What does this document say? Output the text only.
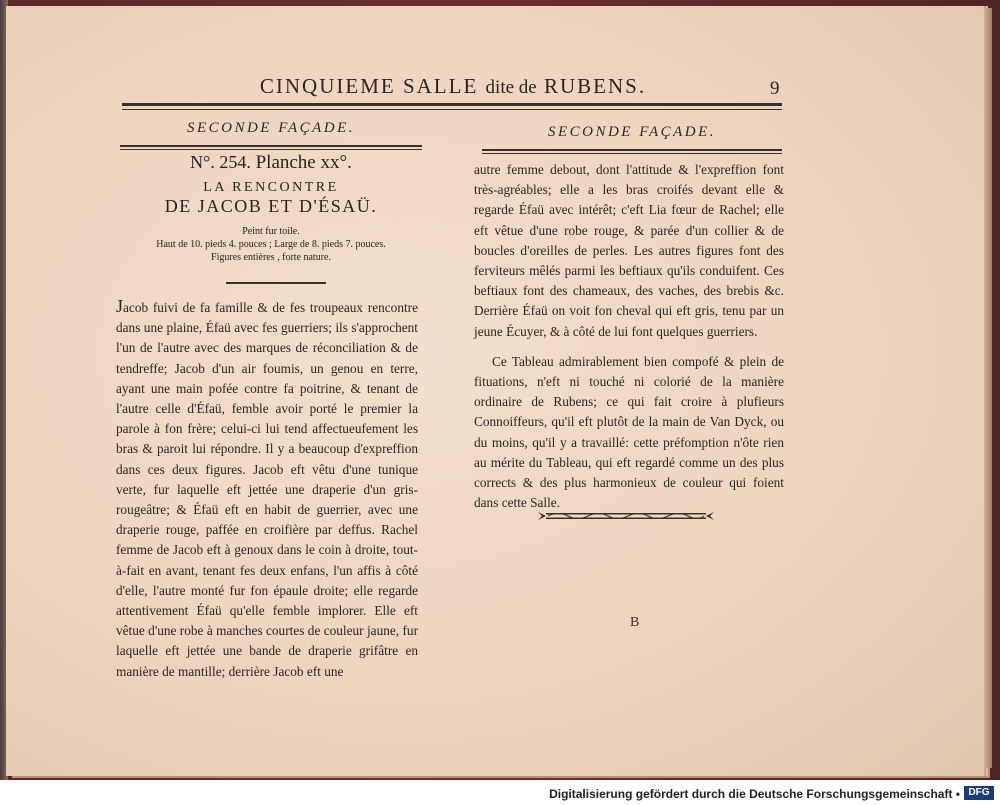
CINQUIEME SALLE dite de RUBENS.	9
SECONDE FAÇADE.	SECONDE FAÇADE.
N°. 254. Planche xx°.
LA RENCONTRE
DE JACOB ET D'ÉSAÜ.
Peint fur toile.
Haut de 10. pieds 4. pouces ; Large de 8. pieds 7. pouces.
Figures entières , forte nature.

Jacob fuivi de fa famille & de fes troupeaux rencontre dans une plaine, Éfaü avec fes guerriers; ils s'approchent l'un de l'autre avec des marques de réconciliation & de tendreffe; Jacob d'un air foumis, un genou en terre, ayant une main pofée contre fa poitrine, & tenant de l'autre celle d'Éfaü, femble avoir porté le premier la parole à fon frère; celui-ci lui tend affectueufement les bras & paroit lui répondre. Il y a beaucoup d'expreffion dans ces deux figures. Jacob eft vêtu d'une tunique verte, fur laquelle eft jettée une draperie d'un gris-rougeâtre; & Éfaü eft en habit de guerrier, avec une draperie rouge, paffée en croifière par deffus. Rachel femme de Jacob eft à genoux dans le coin à droite, tout-à-fait en avant, tenant fes deux enfans, l'un affis à côté d'elle, l'autre monté fur fon épaule droite; elle regarde attentivement Éfaü qu'elle femble implorer. Elle eft vêtue d'une robe à manches courtes de couleur jaune, fur laquelle eft jettée une bande de draperie grifâtre en manière de mantille; derrière Jacob eft une

autre femme debout, dont l'attitude & l'expreffion font très-agréables; elle a les bras croifés devant elle & regarde Éfaü avec intérêt; c'eft Lia fœur de Rachel; elle eft vêtue d'une robe rouge, & parée d'un collier & de boucles d'oreilles de perles. Les autres figures font des ferviteurs mêlés parmi les beftiaux qu'ils conduifent. Ces beftiaux font des chameaux, des vaches, des brebis &c. Derrière Éfaü on voit fon cheval qui eft gris, tenu par un jeune Écuyer, & à côté de lui font quelques guerriers.

Ce Tableau admirablement bien compofé & plein de fituations, n'eft ni touché ni colorié de la manière ordinaire de Rubens; ce qui fait croire à plufieurs Connoiffeurs, qu'il eft plutôt de la main de Van Dyck, ou du moins, qu'il y a travaillé: cette préfomption n'ôte rien au mérite du Tableau, qui eft regardé comme un des plus corrects & des plus harmonieux de couleur qui foient dans cette Salle.

B
Digitalisierung gefördert durch die Deutsche Forschungsgemeinschaft • DFG
